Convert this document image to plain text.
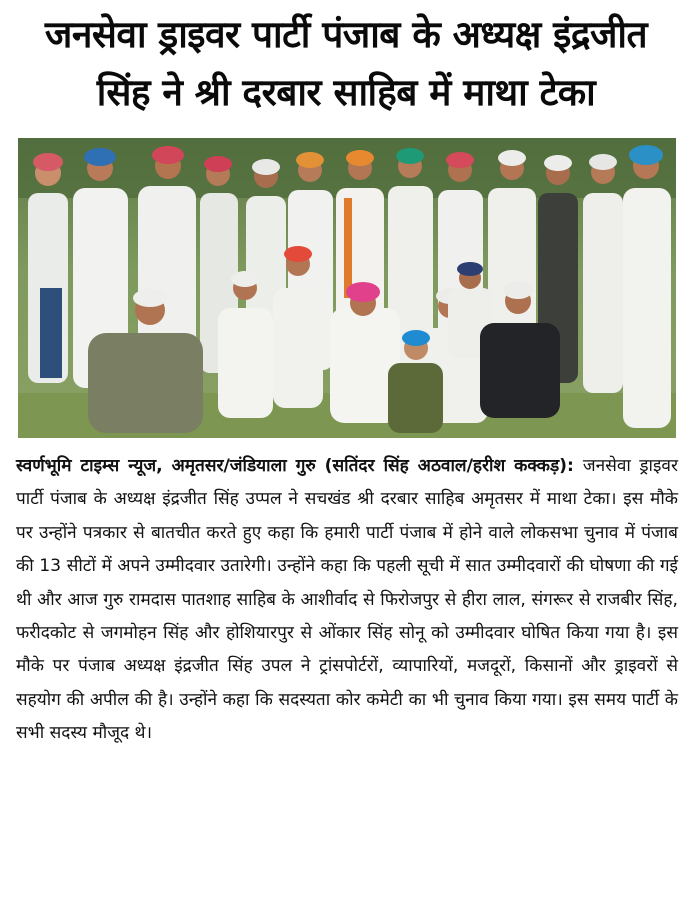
जनसेवा ड्राइवर पार्टी पंजाब के अध्यक्ष इंद्रजीत
सिंह ने श्री दरबार साहिब में माथा टेका
स्वर्णभूमि टाइम्स न्यूज, अमृतसर/जंडियाला गुरु (सतिंदर सिंह अठवाल/हरीश कक्कड़): जनसेवा ड्राइवर पार्टी पंजाब के अध्यक्ष इंद्रजीत सिंह उप्पल ने सचखंड श्री दरबार साहिब अमृतसर में माथा टेका। इस मौके पर उन्होंने पत्रकार से बातचीत करते हुए कहा कि हमारी पार्टी पंजाब में होने वाले लोकसभा चुनाव में पंजाब की 13 सीटों में अपने उम्मीदवार उतारेगी। उन्होंने कहा कि पहली सूची में सात उम्मीदवारों की घोषणा की गई थी और आज गुरु रामदास पातशाह साहिब के आशीर्वाद से फिरोजपुर से हीरा लाल, संगरूर से राजबीर सिंह, फरीदकोट से जगमोहन सिंह और होशियारपुर से ओंकार सिंह सोनू को उम्मीदवार घोषित किया गया है। इस मौके पर पंजाब अध्यक्ष इंद्रजीत सिंह उपल ने ट्रांसपोर्टरों, व्यापारियों, मजदूरों, किसानों और ड्राइवरों से सहयोग की अपील की है। उन्होंने कहा कि सदस्यता कोर कमेटी का भी चुनाव किया गया। इस समय पार्टी के सभी सदस्य मौजूद थे।
